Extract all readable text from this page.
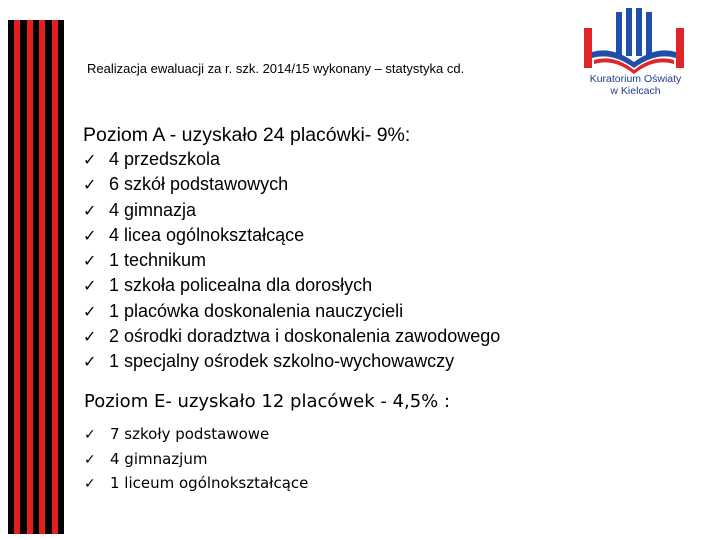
Realizacja ewaluacji za r. szk. 2014/15 wykonany – statystyka cd.
Kuratorium Oświaty
w Kielcach
Poziom A - uzyskało 24 placówki- 9%:
✓ 4 przedszkola
✓ 6 szkół podstawowych
✓ 4 gimnazja
✓ 4 licea ogólnokształcące
✓ 1 technikum
✓ 1 szkoła policealna dla dorosłych
✓ 1 placówka doskonalenia nauczycieli
✓ 2 ośrodki doradztwa i doskonalenia zawodowego
✓ 1 specjalny ośrodek szkolno-wychowawczy
Poziom E- uzyskało 12 placówek - 4,5% :
✓ 7 szkoły podstawowe
✓ 4 gimnazjum
✓ 1 liceum ogólnokształcące
